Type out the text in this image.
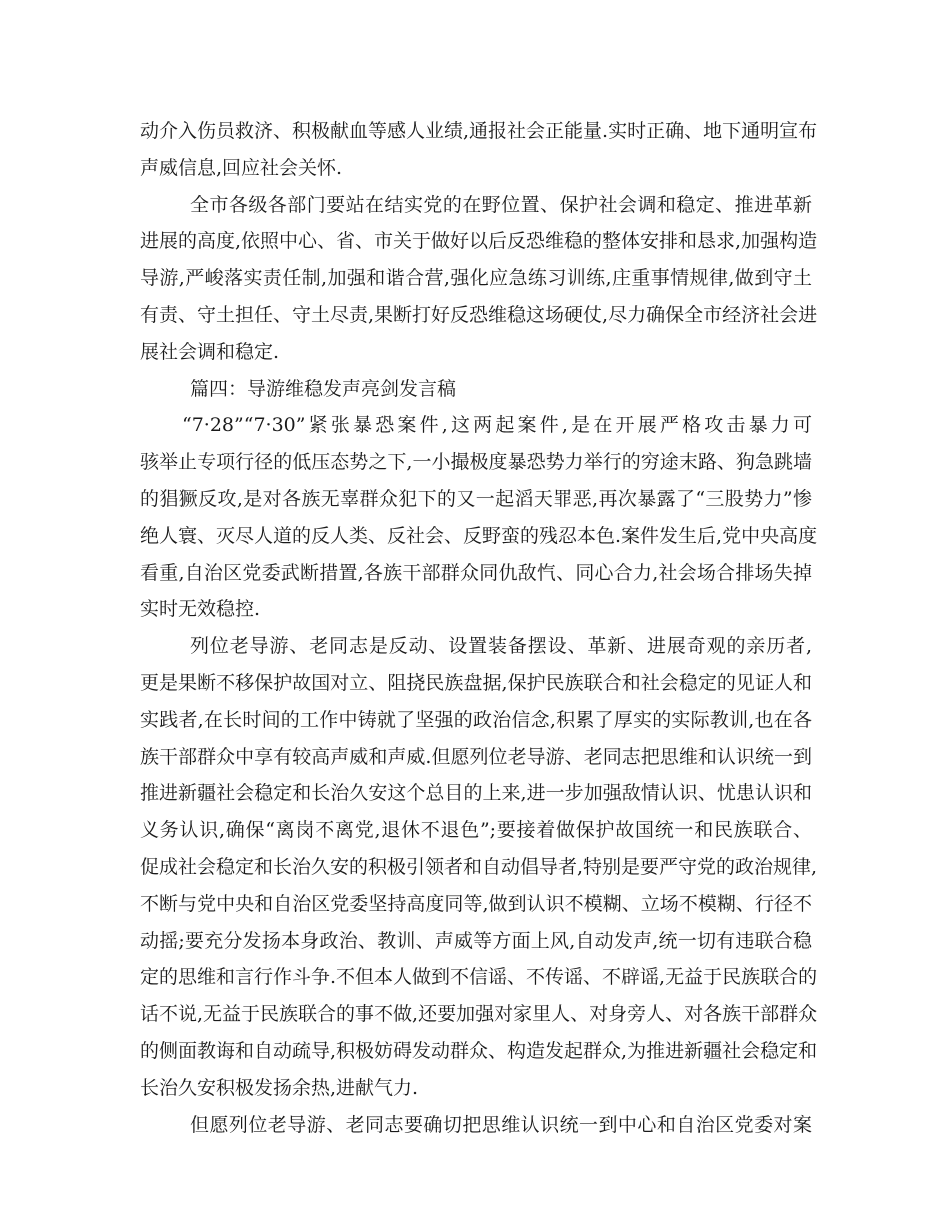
动介入伤员救济、积极献血等感人业绩,通报社会正能量.实时正确、地下通明宣布
声威信息,回应社会关怀.
全市各级各部门要站在结实党的在野位置、保护社会调和稳定、推进革新
进展的高度,依照中心、省、市关于做好以后反恐维稳的整体安排和恳求,加强构造
导游,严峻落实责任制,加强和谐合营,强化应急练习训练,庄重事情规律,做到守土
有责、守土担任、守土尽责,果断打好反恐维稳这场硬仗,尽力确保全市经济社会进
展社会调和稳定.
篇四：导游维稳发声亮剑发言稿
“7·28”“7·30”紧张暴恐案件,这两起案件,是在开展严格攻击暴力可
骇举止专项行径的低压态势之下,一小撮极度暴恐势力举行的穷途末路、狗急跳墙
的猖獗反攻,是对各族无辜群众犯下的又一起滔天罪恶,再次暴露了“三股势力”惨
绝人寰、灭尽人道的反人类、反社会、反野蛮的残忍本色.案件发生后,党中央高度
看重,自治区党委武断措置,各族干部群众同仇敌忾、同心合力,社会场合排场失掉
实时无效稳控.
列位老导游、老同志是反动、设置装备摆设、革新、进展奇观的亲历者,
更是果断不移保护故国对立、阻挠民族盘据,保护民族联合和社会稳定的见证人和
实践者,在长时间的工作中铸就了坚强的政治信念,积累了厚实的实际教训,也在各
族干部群众中享有较高声威和声威.但愿列位老导游、老同志把思维和认识统一到
推进新疆社会稳定和长治久安这个总目的上来,进一步加强敌情认识、忧患认识和
义务认识,确保“离岗不离党,退休不退色”;要接着做保护故国统一和民族联合、
促成社会稳定和长治久安的积极引领者和自动倡导者,特别是要严守党的政治规律,
不断与党中央和自治区党委坚持高度同等,做到认识不模糊、立场不模糊、行径不
动摇;要充分发扬本身政治、教训、声威等方面上风,自动发声,统一切有违联合稳
定的思维和言行作斗争.不但本人做到不信谣、不传谣、不辟谣,无益于民族联合的
话不说,无益于民族联合的事不做,还要加强对家里人、对身旁人、对各族干部群众
的侧面教诲和自动疏导,积极妨碍发动群众、构造发起群众,为推进新疆社会稳定和
长治久安积极发扬余热,进献气力.
但愿列位老导游、老同志要确切把思维认识统一到中心和自治区党委对案
